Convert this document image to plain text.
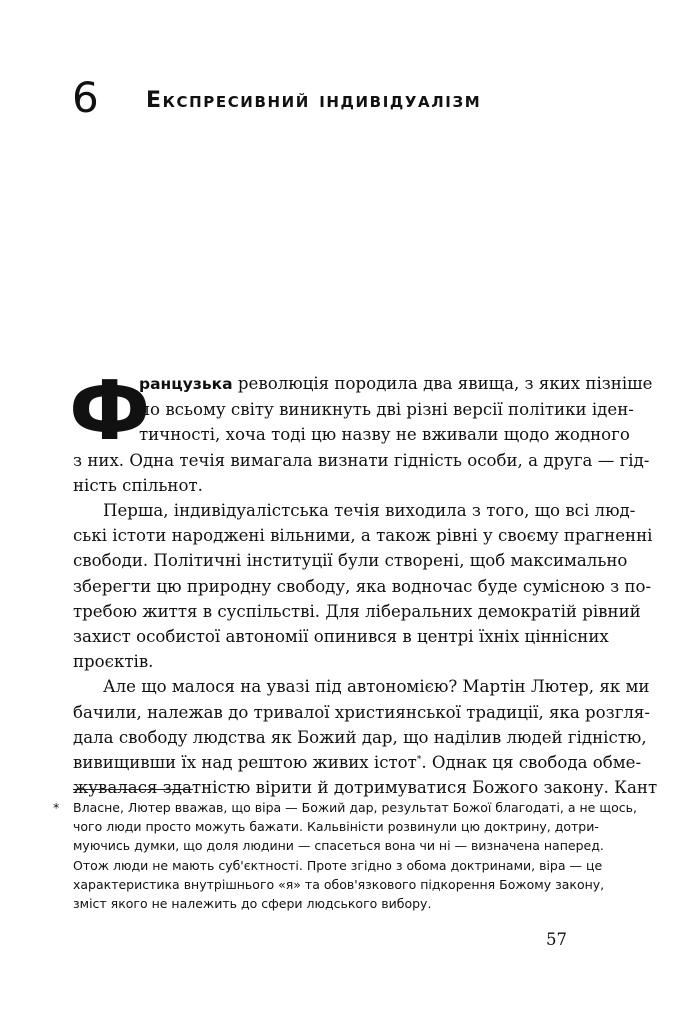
6 Експресивний індивідуалізм
Ф
ранцузька революція породила два явища, з яких пізніше
по всьому світу виникнуть дві різні версії політики іден-
тичності, хоча тоді цю назву не вживали щодо жодного
з них. Одна течія вимагала визнати гідність особи, а друга — гід-
ність спільнот.
Перша, індивідуалістська течія виходила з того, що всі люд-
ські істоти народжені вільними, а також рівні у своєму прагненні
свободи. Політичні інституції були створені, щоб максимально
зберегти цю природну свободу, яка водночас буде сумісною з по-
требою життя в суспільстві. Для ліберальних демократій рівний
захист особистої автономії опинився в центрі їхніх ціннісних
проєктів.
Але що малося на увазі під автономією? Мартін Лютер, як ми
бачили, належав до тривалої християнської традиції, яка розгля-
дала свободу людства як Божий дар, що наділив людей гідністю,
вивищивши їх над рештою живих істот*. Однак ця свобода обме-
жувалася здатністю вірити й дотримуватися Божого закону. Кант
* Власне, Лютер вважав, що віра — Божий дар, результат Божої благодаті, а не щось,
чого люди просто можуть бажати. Кальвіністи розвинули цю доктрину, дотри-
муючись думки, що доля людини — спасеться вона чи ні — визначена наперед.
Отож люди не мають суб'єктності. Проте згідно з обома доктринами, віра — це
характеристика внутрішнього «я» та обов'язкового підкорення Божому закону,
зміст якого не належить до сфери людського вибору.
57
